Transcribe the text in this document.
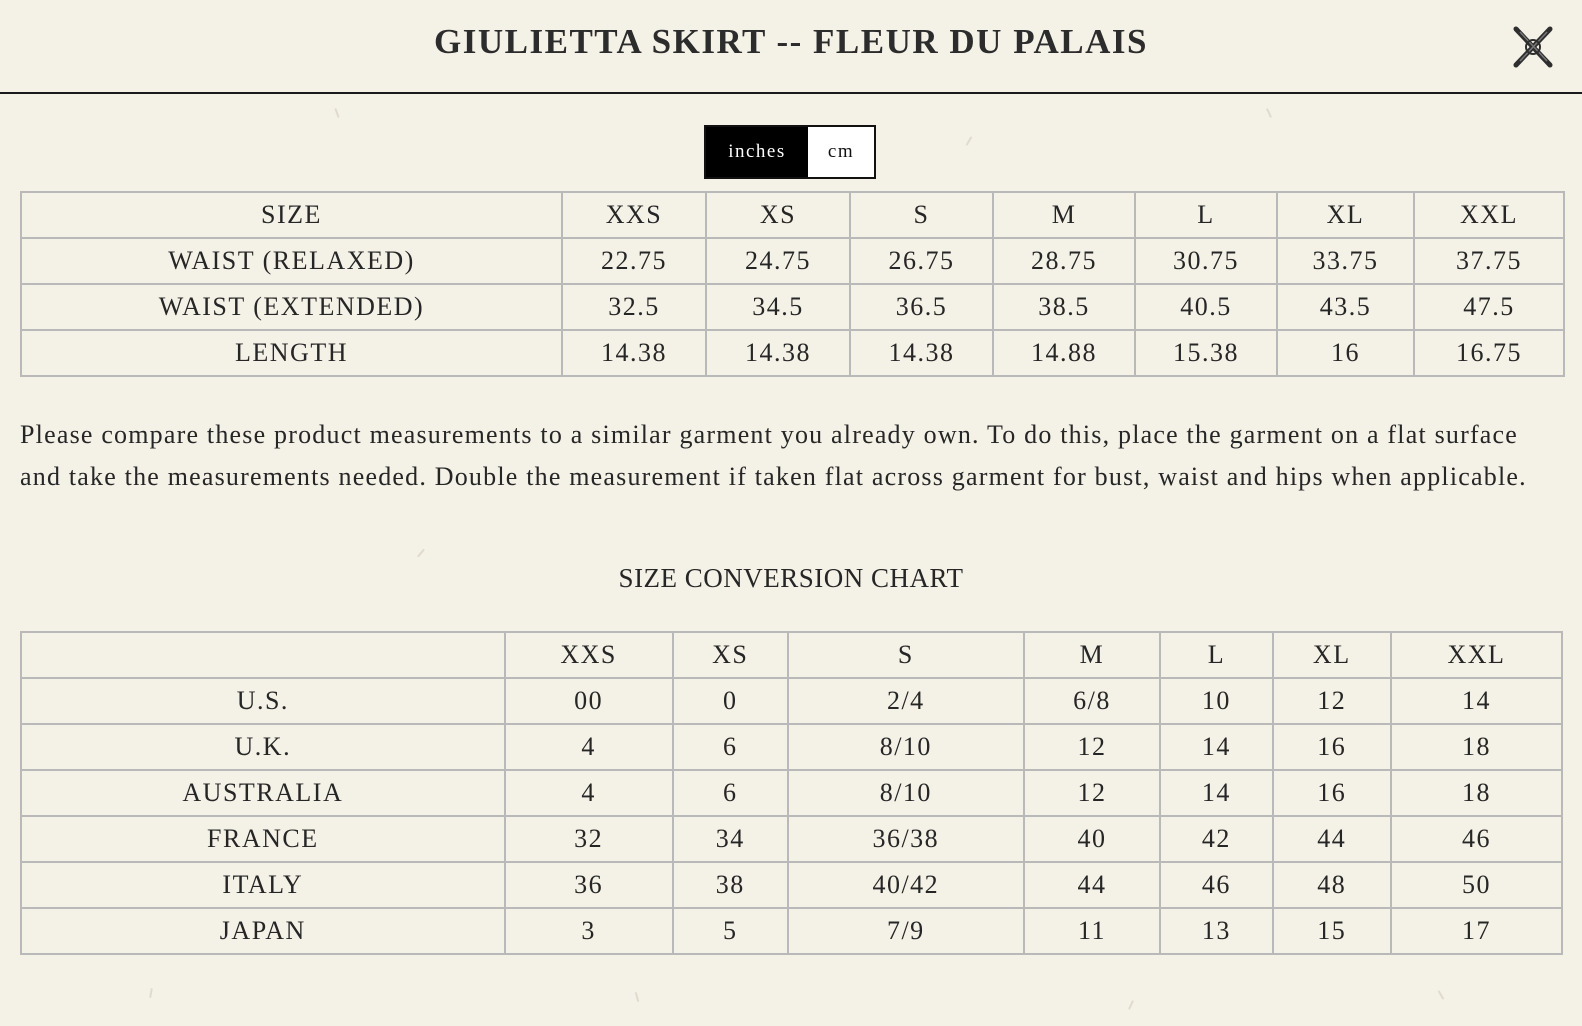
GIULIETTA SKIRT -- FLEUR DU PALAIS
inches	cm
SIZE	XXS	XS	S	M	L	XL	XXL
WAIST (RELAXED)	22.75	24.75	26.75	28.75	30.75	33.75	37.75
WAIST (EXTENDED)	32.5	34.5	36.5	38.5	40.5	43.5	47.5
LENGTH	14.38	14.38	14.38	14.88	15.38	16	16.75

Please compare these product measurements to a similar garment you already own. To do this, place the garment on a flat surface and take the measurements needed. Double the measurement if taken flat across garment for bust, waist and hips when applicable.

SIZE CONVERSION CHART
	XXS	XS	S	M	L	XL	XXL
U.S.	00	0	2/4	6/8	10	12	14
U.K.	4	6	8/10	12	14	16	18
AUSTRALIA	4	6	8/10	12	14	16	18
FRANCE	32	34	36/38	40	42	44	46
ITALY	36	38	40/42	44	46	48	50
JAPAN	3	5	7/9	11	13	15	17
